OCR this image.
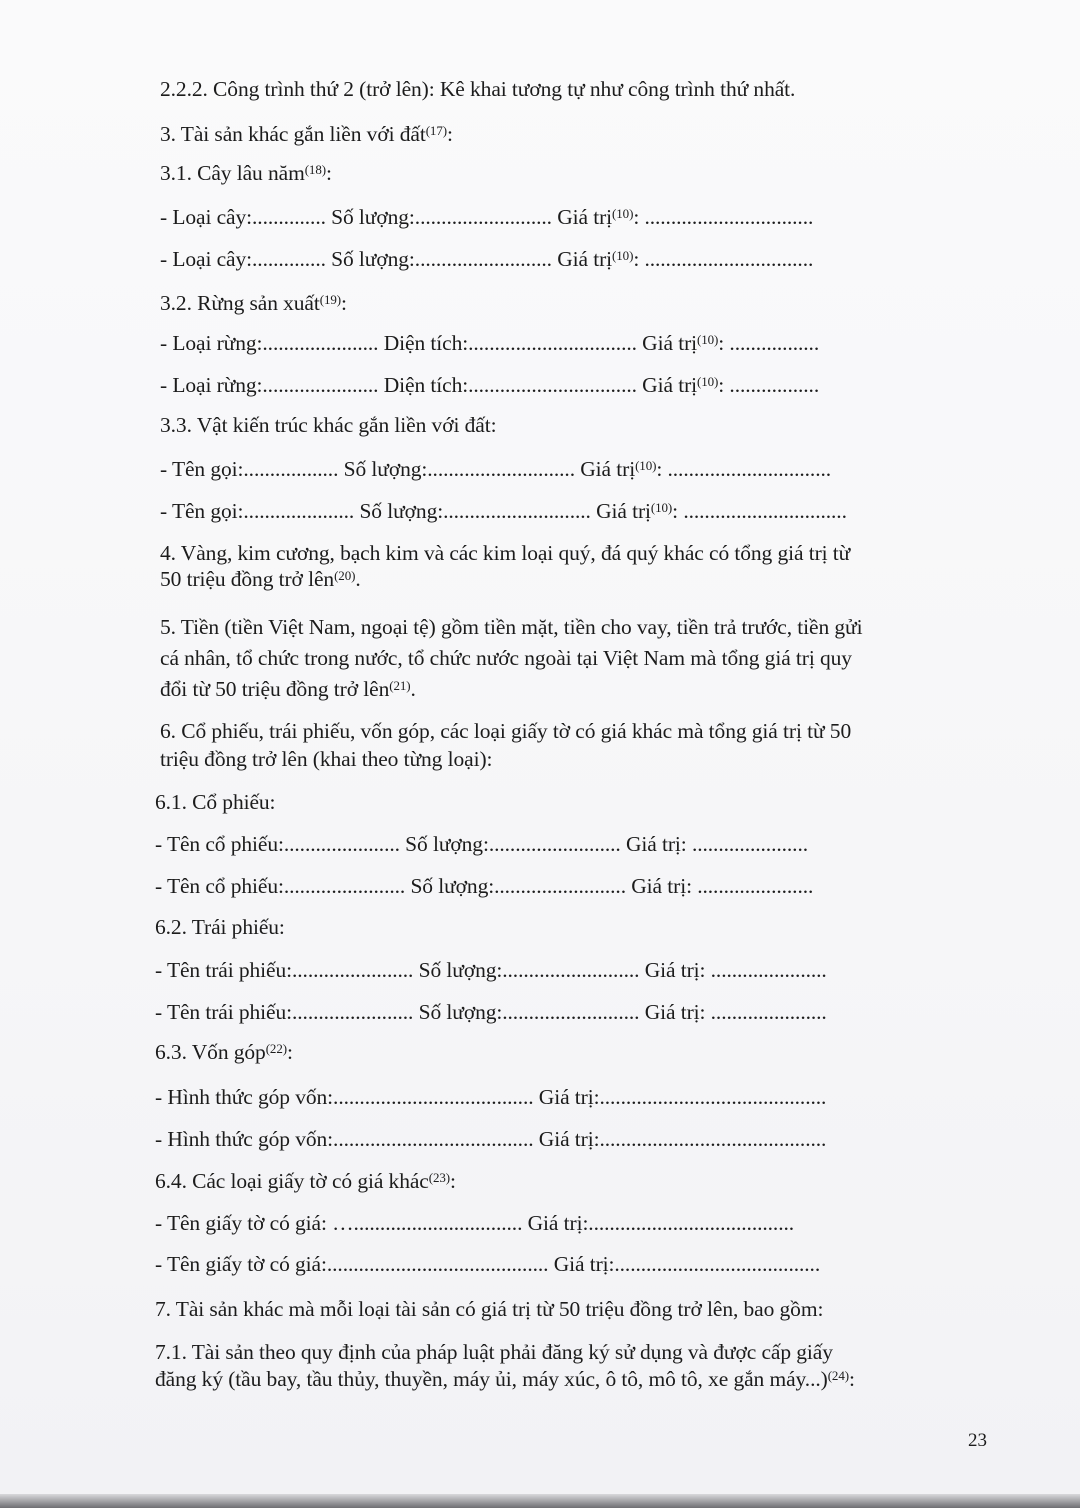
2.2.2. Công trình thứ 2 (trở lên): Kê khai tương tự như công trình thứ nhất.
3. Tài sản khác gắn liền với đất$^{(17)}$:
3.1. Cây lâu năm$^{(18)}$:
- Loại cây:.............. Số lượng:.......................... Giá trị$^{(10)}$: ................................
- Loại cây:.............. Số lượng:.......................... Giá trị$^{(10)}$: ................................
3.2. Rừng sản xuất$^{(19)}$:
- Loại rừng:...................... Diện tích:................................ Giá trị$^{(10)}$: .................
- Loại rừng:...................... Diện tích:................................ Giá trị$^{(10)}$: .................
3.3. Vật kiến trúc khác gắn liền với đất:
- Tên gọi:.................. Số lượng:............................ Giá trị$^{(10)}$: ...............................
- Tên gọi:..................... Số lượng:............................ Giá trị$^{(10)}$: ...............................
4. Vàng, kim cương, bạch kim và các kim loại quý, đá quý khác có tổng giá trị từ
50 triệu đồng trở lên$^{(20)}$.
5. Tiền (tiền Việt Nam, ngoại tệ) gồm tiền mặt, tiền cho vay, tiền trả trước, tiền gửi
cá nhân, tổ chức trong nước, tổ chức nước ngoài tại Việt Nam mà tổng giá trị quy
đổi từ 50 triệu đồng trở lên$^{(21)}$.
6. Cổ phiếu, trái phiếu, vốn góp, các loại giấy tờ có giá khác mà tổng giá trị từ 50
triệu đồng trở lên (khai theo từng loại):
6.1. Cổ phiếu:
- Tên cổ phiếu:...................... Số lượng:......................... Giá trị: ......................
- Tên cổ phiếu:....................... Số lượng:......................... Giá trị: ......................
6.2. Trái phiếu:
- Tên trái phiếu:....................... Số lượng:.......................... Giá trị: ......................
- Tên trái phiếu:....................... Số lượng:.......................... Giá trị: ......................
6.3. Vốn góp$^{(22)}$:
- Hình thức góp vốn:...................................... Giá trị:...........................................
- Hình thức góp vốn:...................................... Giá trị:...........................................
6.4. Các loại giấy tờ có giá khác$^{(23)}$:
- Tên giấy tờ có giá: …................................ Giá trị:.......................................
- Tên giấy tờ có giá:.......................................... Giá trị:.......................................
7. Tài sản khác mà mỗi loại tài sản có giá trị từ 50 triệu đồng trở lên, bao gồm:
7.1. Tài sản theo quy định của pháp luật phải đăng ký sử dụng và được cấp giấy
đăng ký (tầu bay, tầu thủy, thuyền, máy ủi, máy xúc, ô tô, mô tô, xe gắn máy...)$^{(24)}$:
23
